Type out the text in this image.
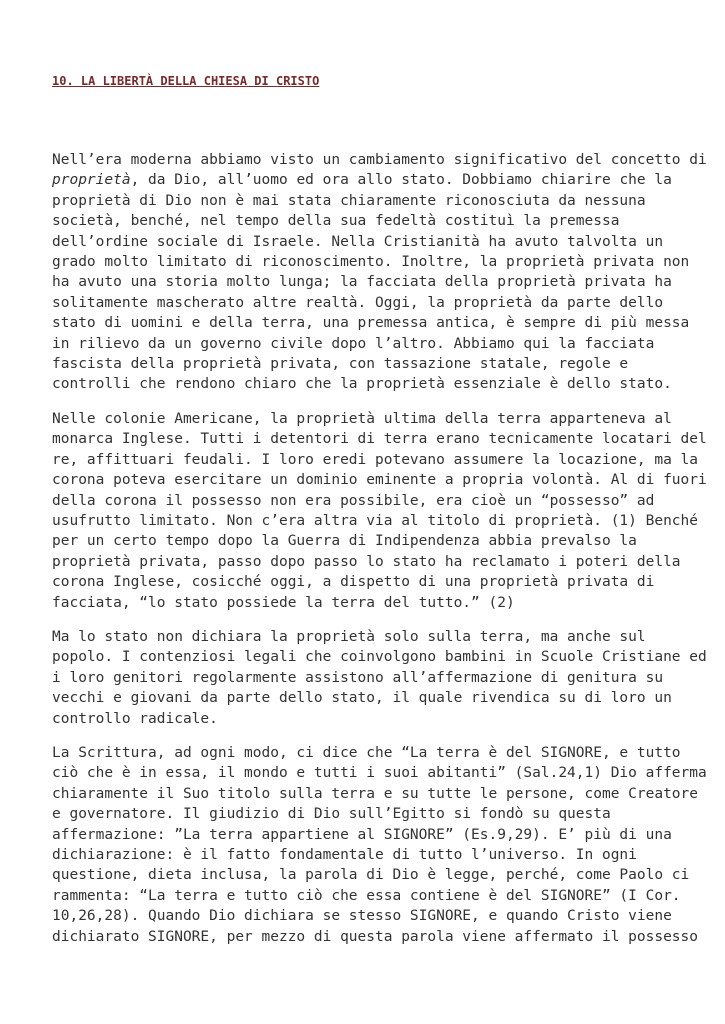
10. LA LIBERTÀ DELLA CHIESA DI CRISTO

Nell’era moderna abbiamo visto un cambiamento significativo del concetto di
proprietà, da Dio, all’uomo ed ora allo stato. Dobbiamo chiarire che la
proprietà di Dio non è mai stata chiaramente riconosciuta da nessuna
società, benché, nel tempo della sua fedeltà costituì la premessa
dell’ordine sociale di Israele. Nella Cristianità ha avuto talvolta un
grado molto limitato di riconoscimento. Inoltre, la proprietà privata non
ha avuto una storia molto lunga; la facciata della proprietà privata ha
solitamente mascherato altre realtà. Oggi, la proprietà da parte dello
stato di uomini e della terra, una premessa antica, è sempre di più messa
in rilievo da un governo civile dopo l’altro. Abbiamo qui la facciata
fascista della proprietà privata, con tassazione statale, regole e
controlli che rendono chiaro che la proprietà essenziale è dello stato.

Nelle colonie Americane, la proprietà ultima della terra apparteneva al
monarca Inglese. Tutti i detentori di terra erano tecnicamente locatari del
re, affittuari feudali. I loro eredi potevano assumere la locazione, ma la
corona poteva esercitare un dominio eminente a propria volontà. Al di fuori
della corona il possesso non era possibile, era cioè un “possesso” ad
usufrutto limitato. Non c’era altra via al titolo di proprietà. (1) Benché
per un certo tempo dopo la Guerra di Indipendenza abbia prevalso la
proprietà privata, passo dopo passo lo stato ha reclamato i poteri della
corona Inglese, cosicché oggi, a dispetto di una proprietà privata di
facciata, “lo stato possiede la terra del tutto.” (2)

Ma lo stato non dichiara la proprietà solo sulla terra, ma anche sul
popolo. I contenziosi legali che coinvolgono bambini in Scuole Cristiane ed
i loro genitori regolarmente assistono all’affermazione di genitura su
vecchi e giovani da parte dello stato, il quale rivendica su di loro un
controllo radicale.

La Scrittura, ad ogni modo, ci dice che “La terra è del SIGNORE, e tutto
ciò che è in essa, il mondo e tutti i suoi abitanti” (Sal.24,1) Dio afferma
chiaramente il Suo titolo sulla terra e su tutte le persone, come Creatore
e governatore. Il giudizio di Dio sull’Egitto si fondò su questa
affermazione: ”La terra appartiene al SIGNORE” (Es.9,29). E’ più di una
dichiarazione: è il fatto fondamentale di tutto l’universo. In ogni
questione, dieta inclusa, la parola di Dio è legge, perché, come Paolo ci
rammenta: “La terra e tutto ciò che essa contiene è del SIGNORE” (I Cor.
10,26,28). Quando Dio dichiara se stesso SIGNORE, e quando Cristo viene
dichiarato SIGNORE, per mezzo di questa parola viene affermato il possesso
